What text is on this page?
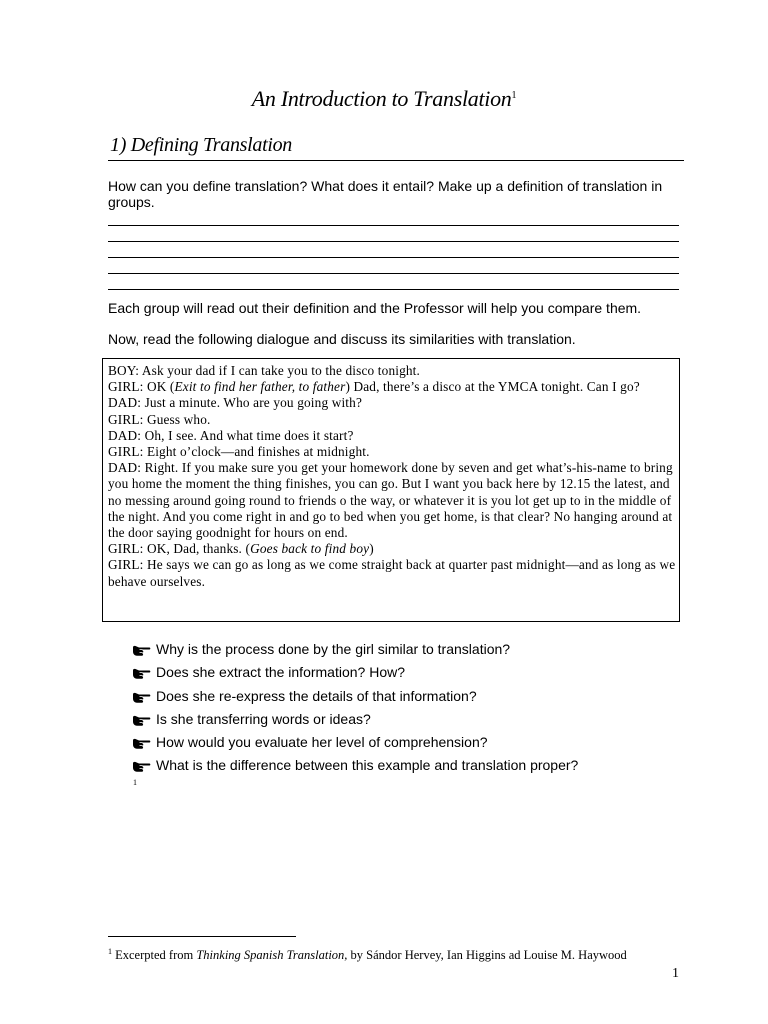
An Introduction to Translation$^1$
1) Defining Translation
How can you define translation? What does it entail? Make up a definition of translation in groups.
Each group will read out their definition and the Professor will help you compare them.
Now, read the following dialogue and discuss its similarities with translation.

BOY: Ask your dad if I can take you to the disco tonight.

GIRL: OK (Exit to find her father, to father) Dad, there’s a disco at the YMCA tonight. Can I go?

DAD: Just a minute. Who are you going with?

GIRL: Guess who.

DAD: Oh, I see. And what time does it start?

GIRL: Eight o’clock—and finishes at midnight.

DAD: Right. If you make sure you get your homework done by seven and get what’s-his-name to bring you home the moment the thing finishes, you can go. But I want you back here by 12.15 the latest, and no messing around going round to friends o the way, or whatever it is you lot get up to in the middle of the night. And you come right in and go to bed when you get home, is that clear? No hanging around at the door saying goodnight for hours on end.

GIRL: OK, Dad, thanks. (Goes back to find boy)

GIRL: He says we can go as long as we come straight back at quarter past midnight—and as long as we behave ourselves.

Why is the process done by the girl similar to translation?
Does she extract the information? How?
Does she re-express the details of that information?
Is she transferring words or ideas?
How would you evaluate her level of comprehension?
What is the difference between this example and translation proper?
1
$^1$ Excerpted from Thinking Spanish Translation, by Sándor Hervey, Ian Higgins ad Louise M. Haywood
1
